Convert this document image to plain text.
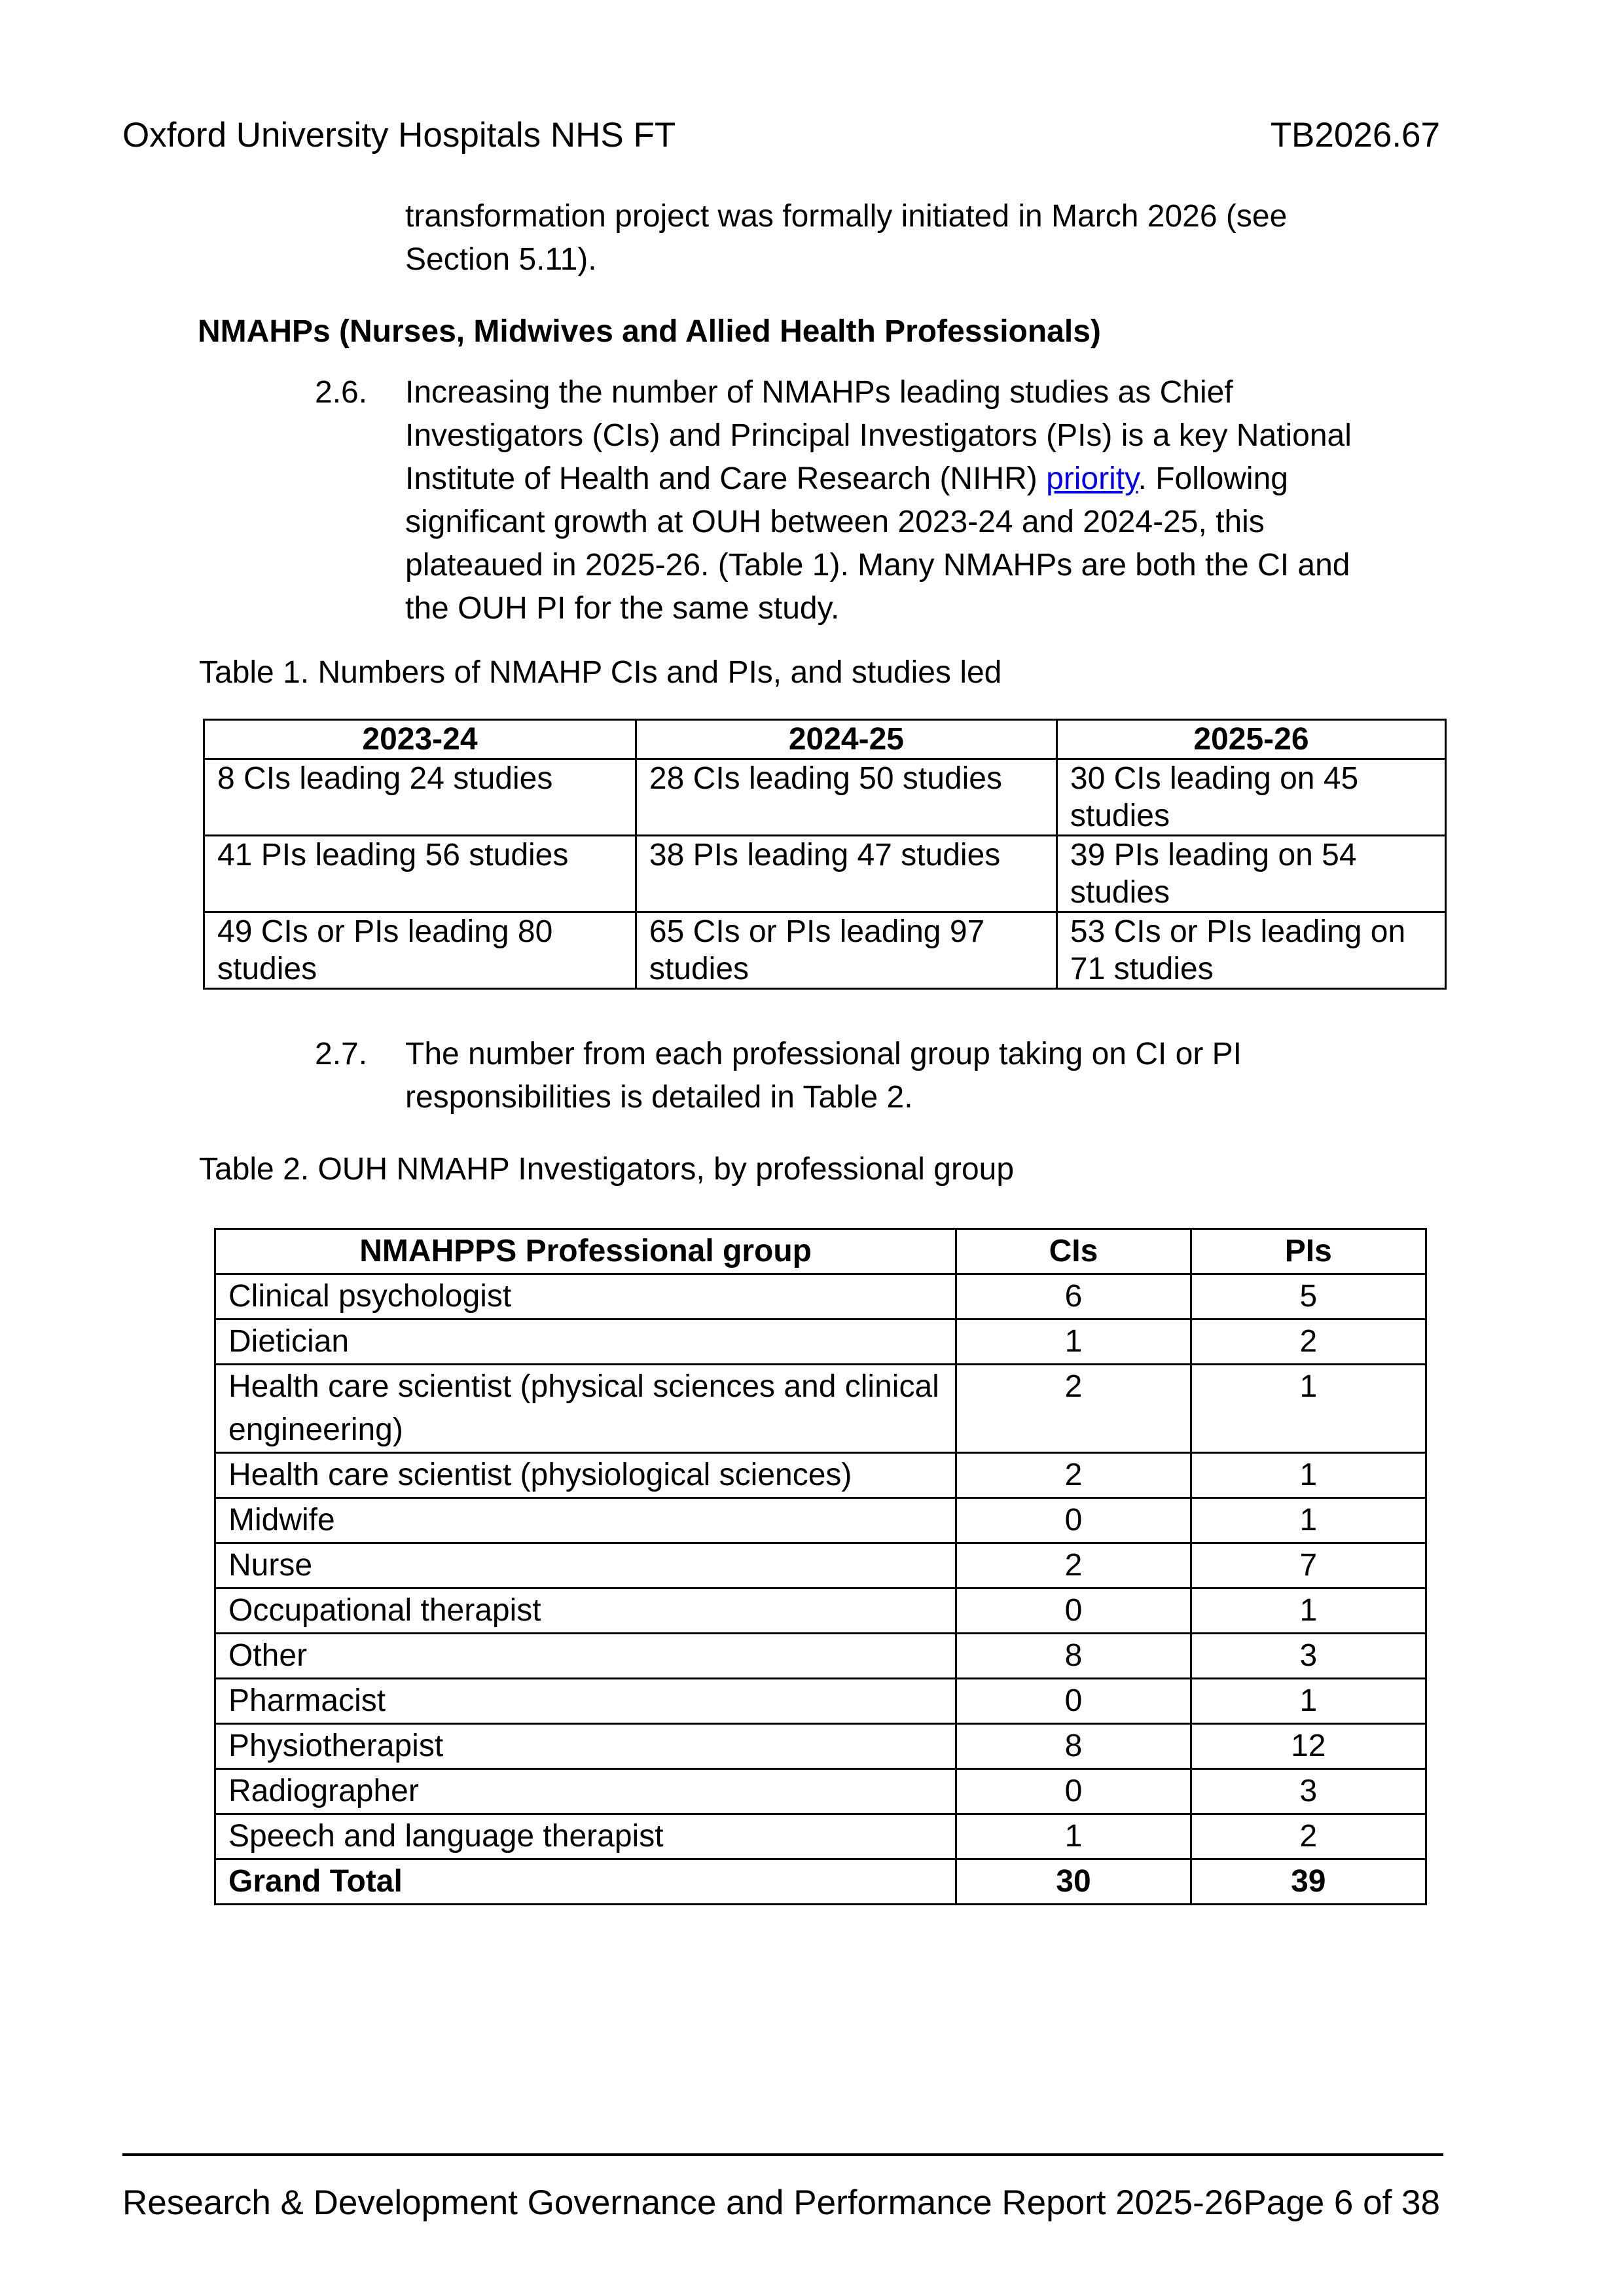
Oxford University Hospitals NHS FT	TB2026.67
transformation project was formally initiated in March 2026 (see
Section 5.11).
NMAHPs (Nurses, Midwives and Allied Health Professionals)
2.6. Increasing the number of NMAHPs leading studies as Chief
Investigators (CIs) and Principal Investigators (PIs) is a key National
Institute of Health and Care Research (NIHR) priority. Following
significant growth at OUH between 2023-24 and 2024-25, this
plateaued in 2025-26. (Table 1). Many NMAHPs are both the CI and
the OUH PI for the same study.
Table 1. Numbers of NMAHP CIs and PIs, and studies led
2023-24	2024-25	2025-26
8 CIs leading 24 studies	28 CIs leading 50 studies	30 CIs leading on 45 studies
41 PIs leading 56 studies	38 PIs leading 47 studies	39 PIs leading on 54 studies
49 CIs or PIs leading 80 studies	65 CIs or PIs leading 97 studies	53 CIs or PIs leading on 71 studies
2.7. The number from each professional group taking on CI or PI
responsibilities is detailed in Table 2.
Table 2. OUH NMAHP Investigators, by professional group
NMAHPPS Professional group	CIs	PIs
Clinical psychologist	6	5
Dietician	1	2
Health care scientist (physical sciences and clinical engineering)	2	1
Health care scientist (physiological sciences)	2	1
Midwife	0	1
Nurse	2	7
Occupational therapist	0	1
Other	8	3
Pharmacist	0	1
Physiotherapist	8	12
Radiographer	0	3
Speech and language therapist	1	2
Grand Total	30	39
Research & Development Governance and Performance Report 2025-26 Page 6 of 38
